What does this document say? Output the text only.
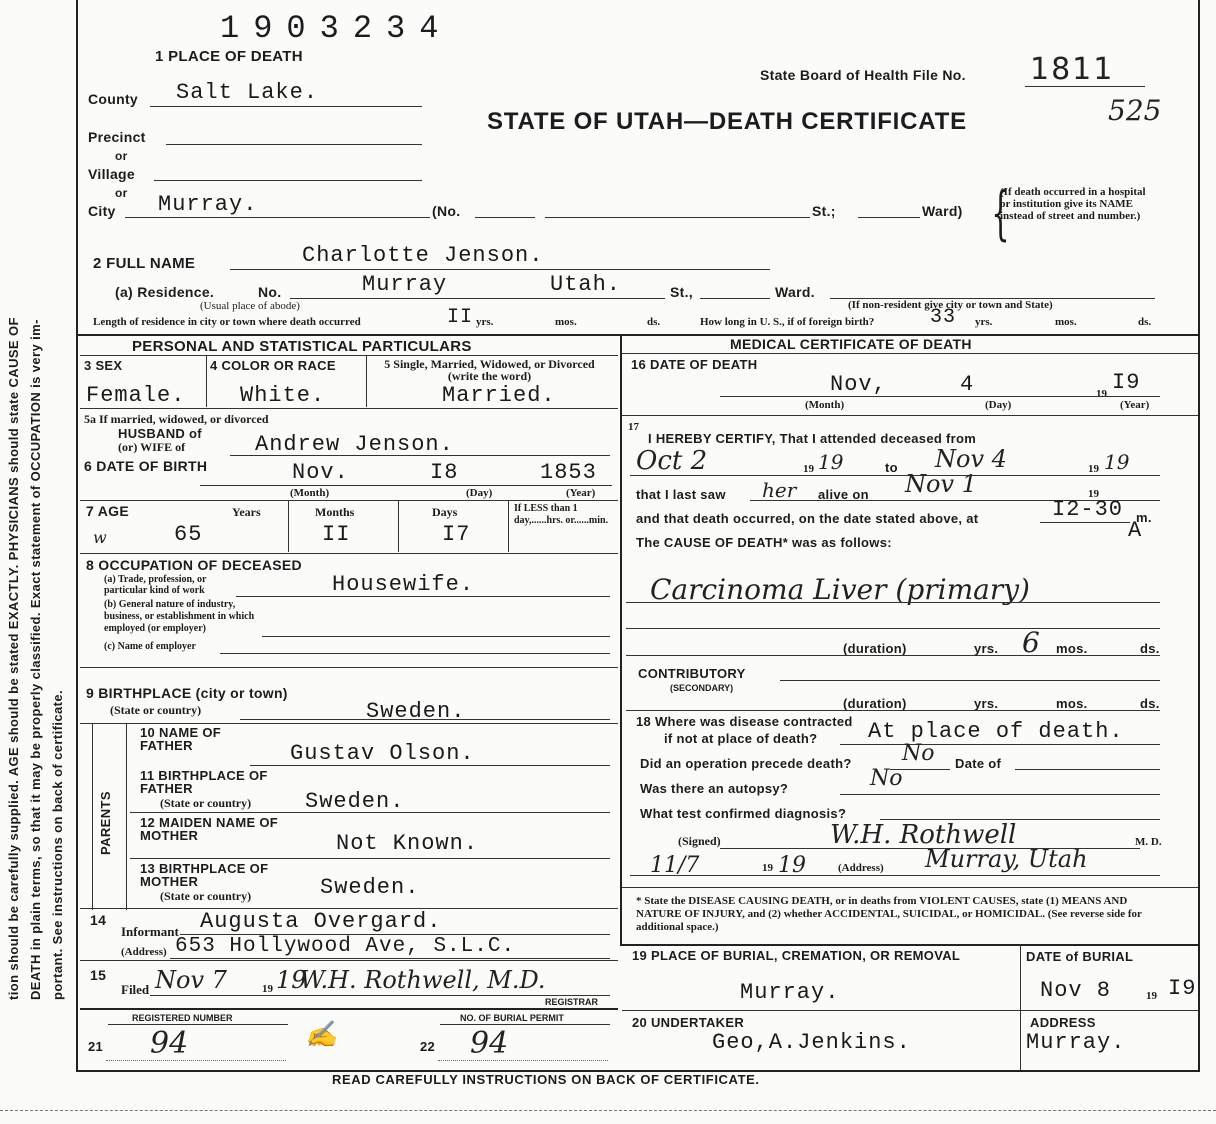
tion should be carefully supplied. AGE should be stated EXACTLY. PHYSICIANS should state CAUSE OF DEATH in plain terms, so that it may be properly classified. Exact statement of OCCUPATION is very im- portant. See instructions on back of certificate.
1903234
1 PLACE OF DEATH
State Board of Health File No. 1811
525
STATE OF UTAH—DEATH CERTIFICATE
County Salt Lake.
Precinct
or
Village
or
City Murray.	(No.	St.;	Ward)
(If death occurred in a hospital or institution give its NAME instead of street and number.)
{
2 FULL NAME	Charlotte Jenson.
(a) Residence.	No.	Murray	Utah.	St.,	Ward.
(Usual place of abode)	(If non-resident give city or town and State)
Length of residence in city or town where death occurred	II yrs.	mos.	ds.	How long in U. S., if of foreign birth?	33 yrs.	mos.	ds.
PERSONAL AND STATISTICAL PARTICULARS
3 SEX	4 COLOR OR RACE	5 Single, Married, Widowed, or Divorced (write the word)
Female. White.	Married.
5a If married, widowed, or divorced
HUSBAND of
(or) WIFE of	Andrew Jenson.
6 DATE OF BIRTH	Nov.	I8	1853
(Month)	(Day)	(Year)
7 AGE	Years	Months	Days	If LESS than 1 day,......hrs. or......min.
w	65	II	I7
8 OCCUPATION OF DECEASED
(a) Trade, profession, or particular kind of work	Housewife.
(b) General nature of industry, business, or establishment in which employed (or employer)
(c) Name of employer
9 BIRTHPLACE (city or town)
(State or country)	Sweden.
PARENTS
10 NAME OF FATHER	Gustav Olson.
11 BIRTHPLACE OF FATHER
(State or country) Sweden.
12 MAIDEN NAME OF MOTHER	Not Known.
13 BIRTHPLACE OF MOTHER
(State or country)	Sweden.
14
Informant Augusta Overgard.
(Address) 653 Hollywood Ave, S.L.C.
15
Filed Nov 7	19 19
W.H. Rothwell, M.D.
REGISTRAR
REGISTERED NUMBER	NO. OF BURIAL PERMIT
21 94	✍	22 94
MEDICAL CERTIFICATE OF DEATH
16 DATE OF DEATH
Nov,	4	19 I9
(Month)	(Day)	(Year)
17
I HEREBY CERTIFY, That I attended deceased from
Oct 2	19 19	to Nov 4	19 19
that I last saw her alive on Nov 1	19
and that death occurred, on the date stated above, at	I2-30 m.
A
The CAUSE OF DEATH* was as follows:
Carcinoma Liver (primary)
(duration)	yrs. 6 mos.	ds.
CONTRIBUTORY
(SECONDARY)
(duration)	yrs.	mos.	ds.
18 Where was disease contracted
if not at place of death? At place of death.
Did an operation precede death? No Date of
Was there an autopsy?	No
What test confirmed diagnosis?
(Signed)	W.H. Rothwell	M. D.
11/7	19 19	(Address) Murray, Utah
* State the DISEASE CAUSING DEATH, or in deaths from VIOLENT CAUSES, state (1) MEANS AND NATURE OF INJURY, and (2) whether ACCIDENTAL, SUICIDAL, or HOMICIDAL. (See reverse side for additional space.)
19 PLACE OF BURIAL, CREMATION, OR REMOVAL
Murray.
DATE of BURIAL
Nov 8	19 I9
20 UNDERTAKER
Geo,A.Jenkins.
ADDRESS
Murray.
READ CAREFULLY INSTRUCTIONS ON BACK OF CERTIFICATE.
